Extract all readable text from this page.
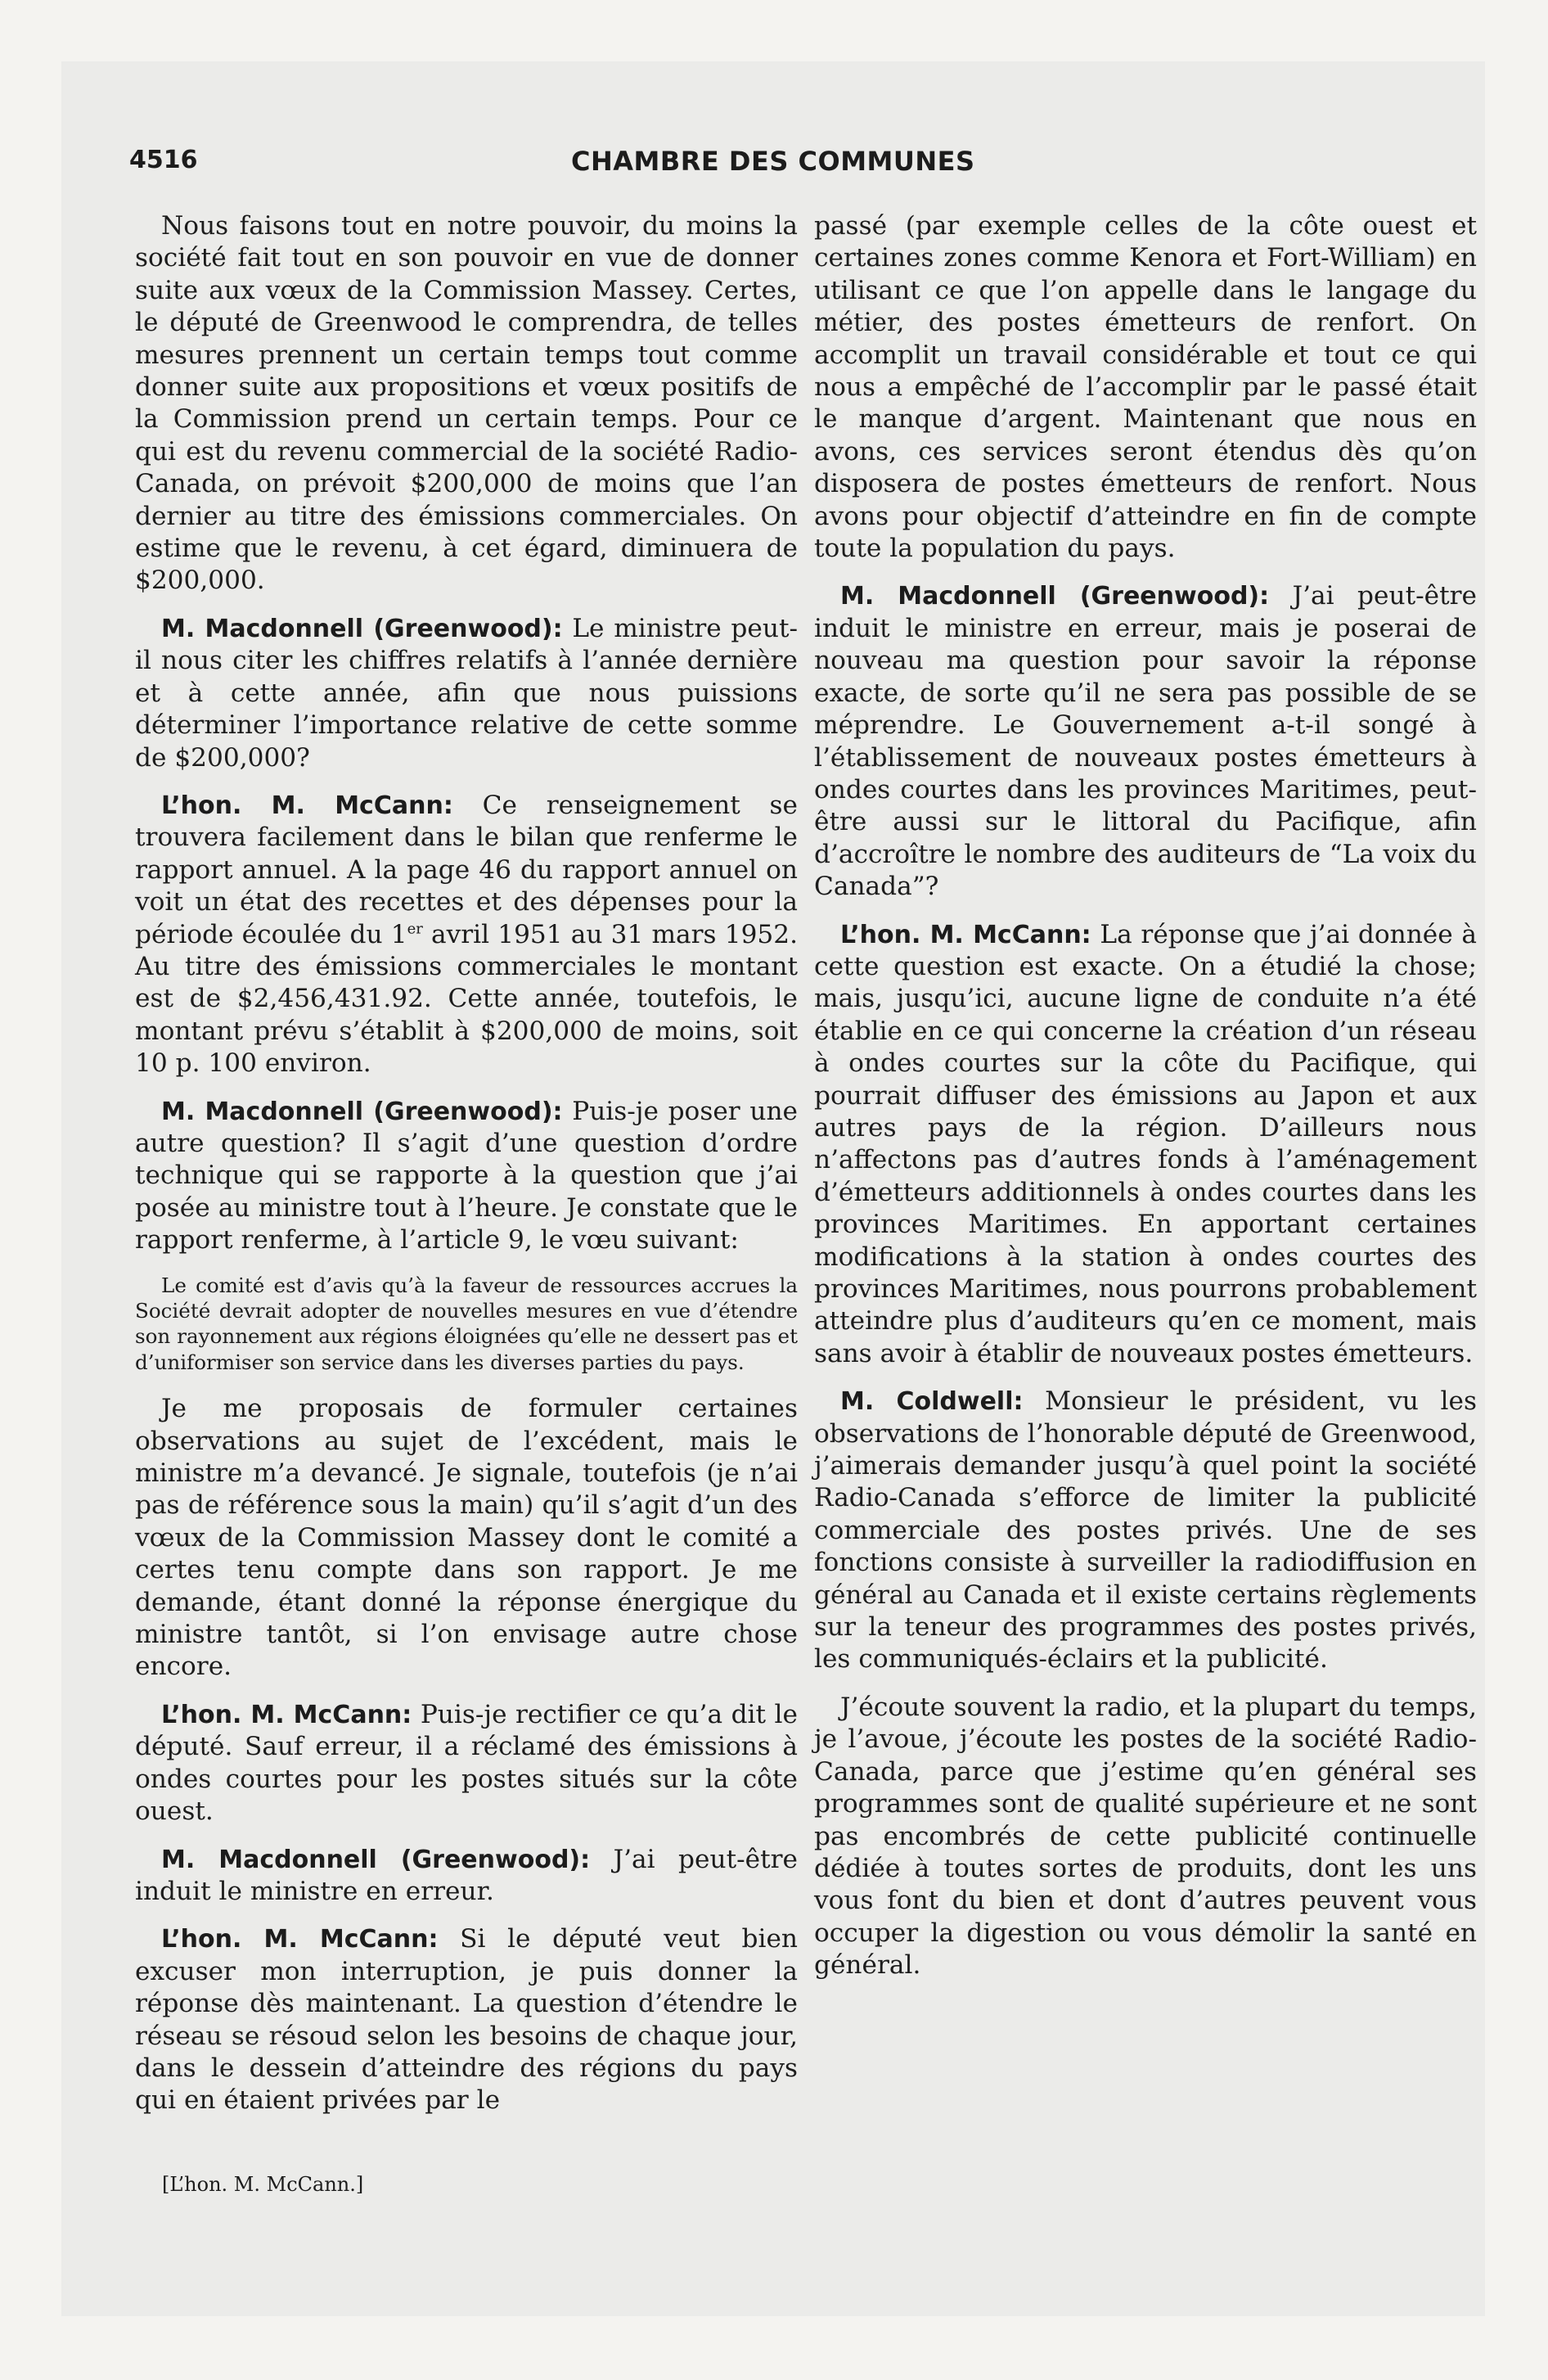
4516	CHAMBRE DES COMMUNES

Nous faisons tout en notre pouvoir, du moins la société fait tout en son pouvoir en vue de donner suite aux vœux de la Commission Massey. Certes, le député de Greenwood le comprendra, de telles mesures prennent un certain temps tout comme donner suite aux propositions et vœux positifs de la Commission prend un certain temps. Pour ce qui est du revenu commercial de la société Radio-Canada, on prévoit $200,000 de moins que l’an dernier au titre des émissions commerciales. On estime que le revenu, à cet égard, diminuera de $200,000.

M. Macdonnell (Greenwood): Le ministre peut-il nous citer les chiffres relatifs à l’année dernière et à cette année, afin que nous puissions déterminer l’importance relative de cette somme de $200,000?

L’hon. M. McCann: Ce renseignement se trouvera facilement dans le bilan que renferme le rapport annuel. A la page 46 du rapport annuel on voit un état des recettes et des dépenses pour la période écoulée du 1er avril 1951 au 31 mars 1952. Au titre des émissions commerciales le montant est de $2,456,431.92. Cette année, toutefois, le montant prévu s’établit à $200,000 de moins, soit 10 p. 100 environ.

M. Macdonnell (Greenwood): Puis-je poser une autre question? Il s’agit d’une question d’ordre technique qui se rapporte à la question que j’ai posée au ministre tout à l’heure. Je constate que le rapport renferme, à l’article 9, le vœu suivant:

Le comité est d’avis qu’à la faveur de ressources accrues la Société devrait adopter de nouvelles mesures en vue d’étendre son rayonnement aux régions éloignées qu’elle ne dessert pas et d’uniformiser son service dans les diverses parties du pays.

Je me proposais de formuler certaines observations au sujet de l’excédent, mais le ministre m’a devancé. Je signale, toutefois (je n’ai pas de référence sous la main) qu’il s’agit d’un des vœux de la Commission Massey dont le comité a certes tenu compte dans son rapport. Je me demande, étant donné la réponse énergique du ministre tantôt, si l’on envisage autre chose encore.

L’hon. M. McCann: Puis-je rectifier ce qu’a dit le député. Sauf erreur, il a réclamé des émissions à ondes courtes pour les postes situés sur la côte ouest.

M. Macdonnell (Greenwood): J’ai peut-être induit le ministre en erreur.

L’hon. M. McCann: Si le député veut bien excuser mon interruption, je puis donner la réponse dès maintenant. La question d’étendre le réseau se résoud selon les besoins de chaque jour, dans le dessein d’atteindre des régions du pays qui en étaient privées par le

passé (par exemple celles de la côte ouest et certaines zones comme Kenora et Fort-William) en utilisant ce que l’on appelle dans le langage du métier, des postes émetteurs de renfort. On accomplit un travail considérable et tout ce qui nous a empêché de l’accomplir par le passé était le manque d’argent. Maintenant que nous en avons, ces services seront étendus dès qu’on disposera de postes émetteurs de renfort. Nous avons pour objectif d’atteindre en fin de compte toute la population du pays.

M. Macdonnell (Greenwood): J’ai peut-être induit le ministre en erreur, mais je poserai de nouveau ma question pour savoir la réponse exacte, de sorte qu’il ne sera pas possible de se méprendre. Le Gouvernement a-t-il songé à l’établissement de nouveaux postes émetteurs à ondes courtes dans les provinces Maritimes, peut-être aussi sur le littoral du Pacifique, afin d’accroître le nombre des auditeurs de “La voix du Canada”?

L’hon. M. McCann: La réponse que j’ai donnée à cette question est exacte. On a étudié la chose; mais, jusqu’ici, aucune ligne de conduite n’a été établie en ce qui concerne la création d’un réseau à ondes courtes sur la côte du Pacifique, qui pourrait diffuser des émissions au Japon et aux autres pays de la région. D’ailleurs nous n’affectons pas d’autres fonds à l’aménagement d’émetteurs additionnels à ondes courtes dans les provinces Maritimes. En apportant certaines modifications à la station à ondes courtes des provinces Maritimes, nous pourrons probablement atteindre plus d’auditeurs qu’en ce moment, mais sans avoir à établir de nouveaux postes émetteurs.

M. Coldwell: Monsieur le président, vu les observations de l’honorable député de Greenwood, j’aimerais demander jusqu’à quel point la société Radio-Canada s’efforce de limiter la publicité commerciale des postes privés. Une de ses fonctions consiste à surveiller la radiodiffusion en général au Canada et il existe certains règlements sur la teneur des programmes des postes privés, les communiqués-éclairs et la publicité.

J’écoute souvent la radio, et la plupart du temps, je l’avoue, j’écoute les postes de la société Radio-Canada, parce que j’estime qu’en général ses programmes sont de qualité supérieure et ne sont pas encombrés de cette publicité continuelle dédiée à toutes sortes de produits, dont les uns vous font du bien et dont d’autres peuvent vous occuper la digestion ou vous démolir la santé en général.

[L’hon. M. McCann.]
